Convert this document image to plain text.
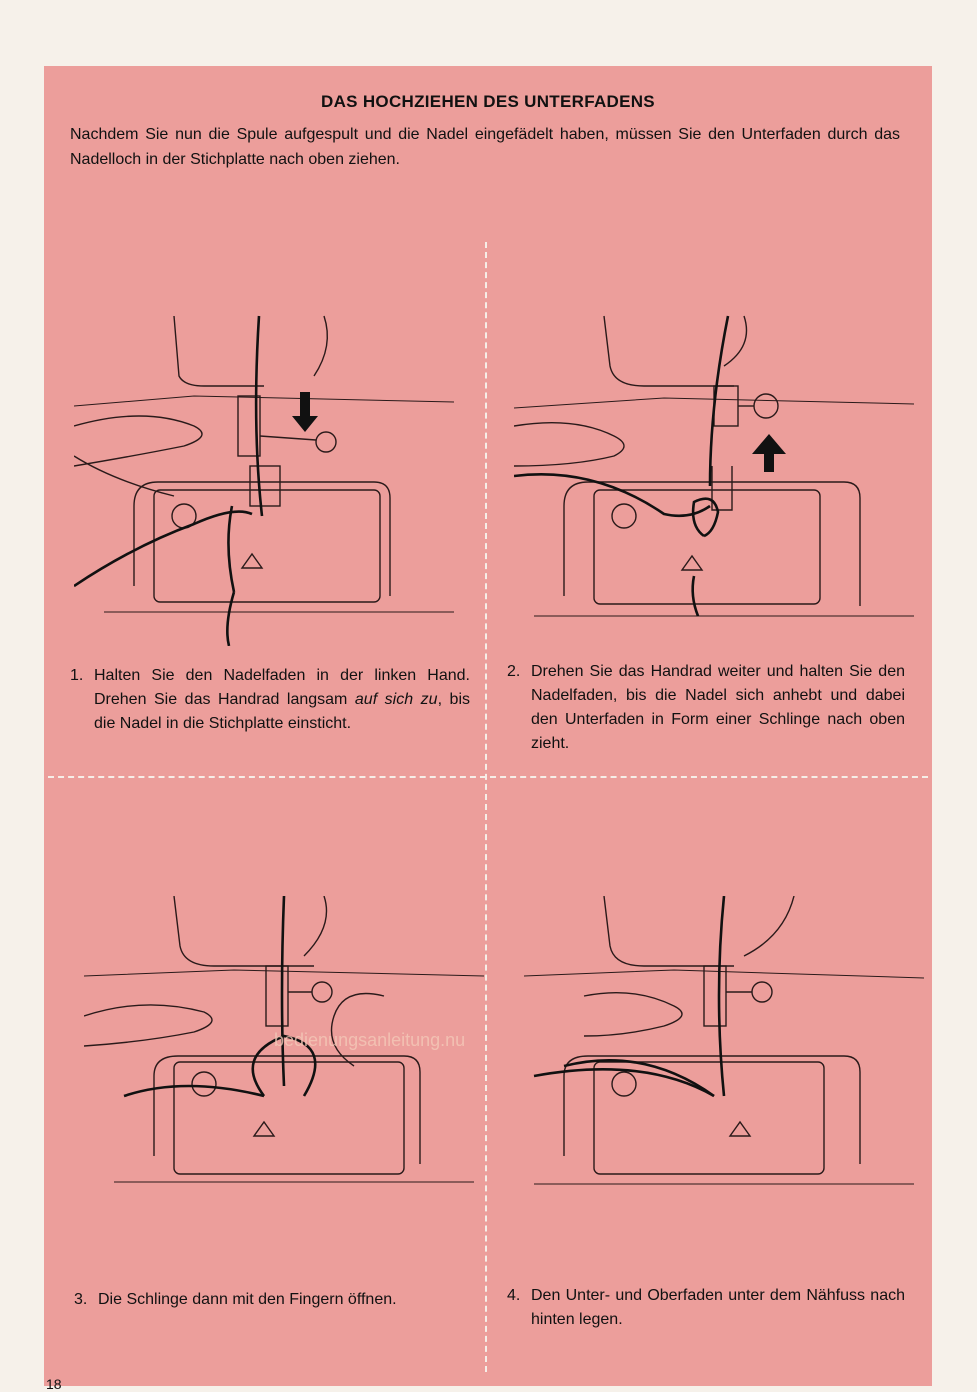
DAS HOCHZIEHEN DES UNTERFADENS
Nachdem Sie nun die Spule aufgespult und die Nadel eingefädelt haben, müssen Sie den Unterfaden durch das Nadelloch in der Stichplatte nach oben ziehen.
bedienungsanleitung.nu
1. Halten Sie den Nadelfaden in der linken Hand. Drehen Sie das Handrad langsam auf sich zu, bis die Nadel in die Stichplatte einsticht.
2. Drehen Sie das Handrad weiter und halten Sie den Nadelfaden, bis die Nadel sich anhebt und dabei den Unterfaden in Form einer Schlinge nach oben zieht.
3. Die Schlinge dann mit den Fingern öffnen.	4. Den Unter- und Oberfaden unter dem Nähfuss nach hinten legen.
18
